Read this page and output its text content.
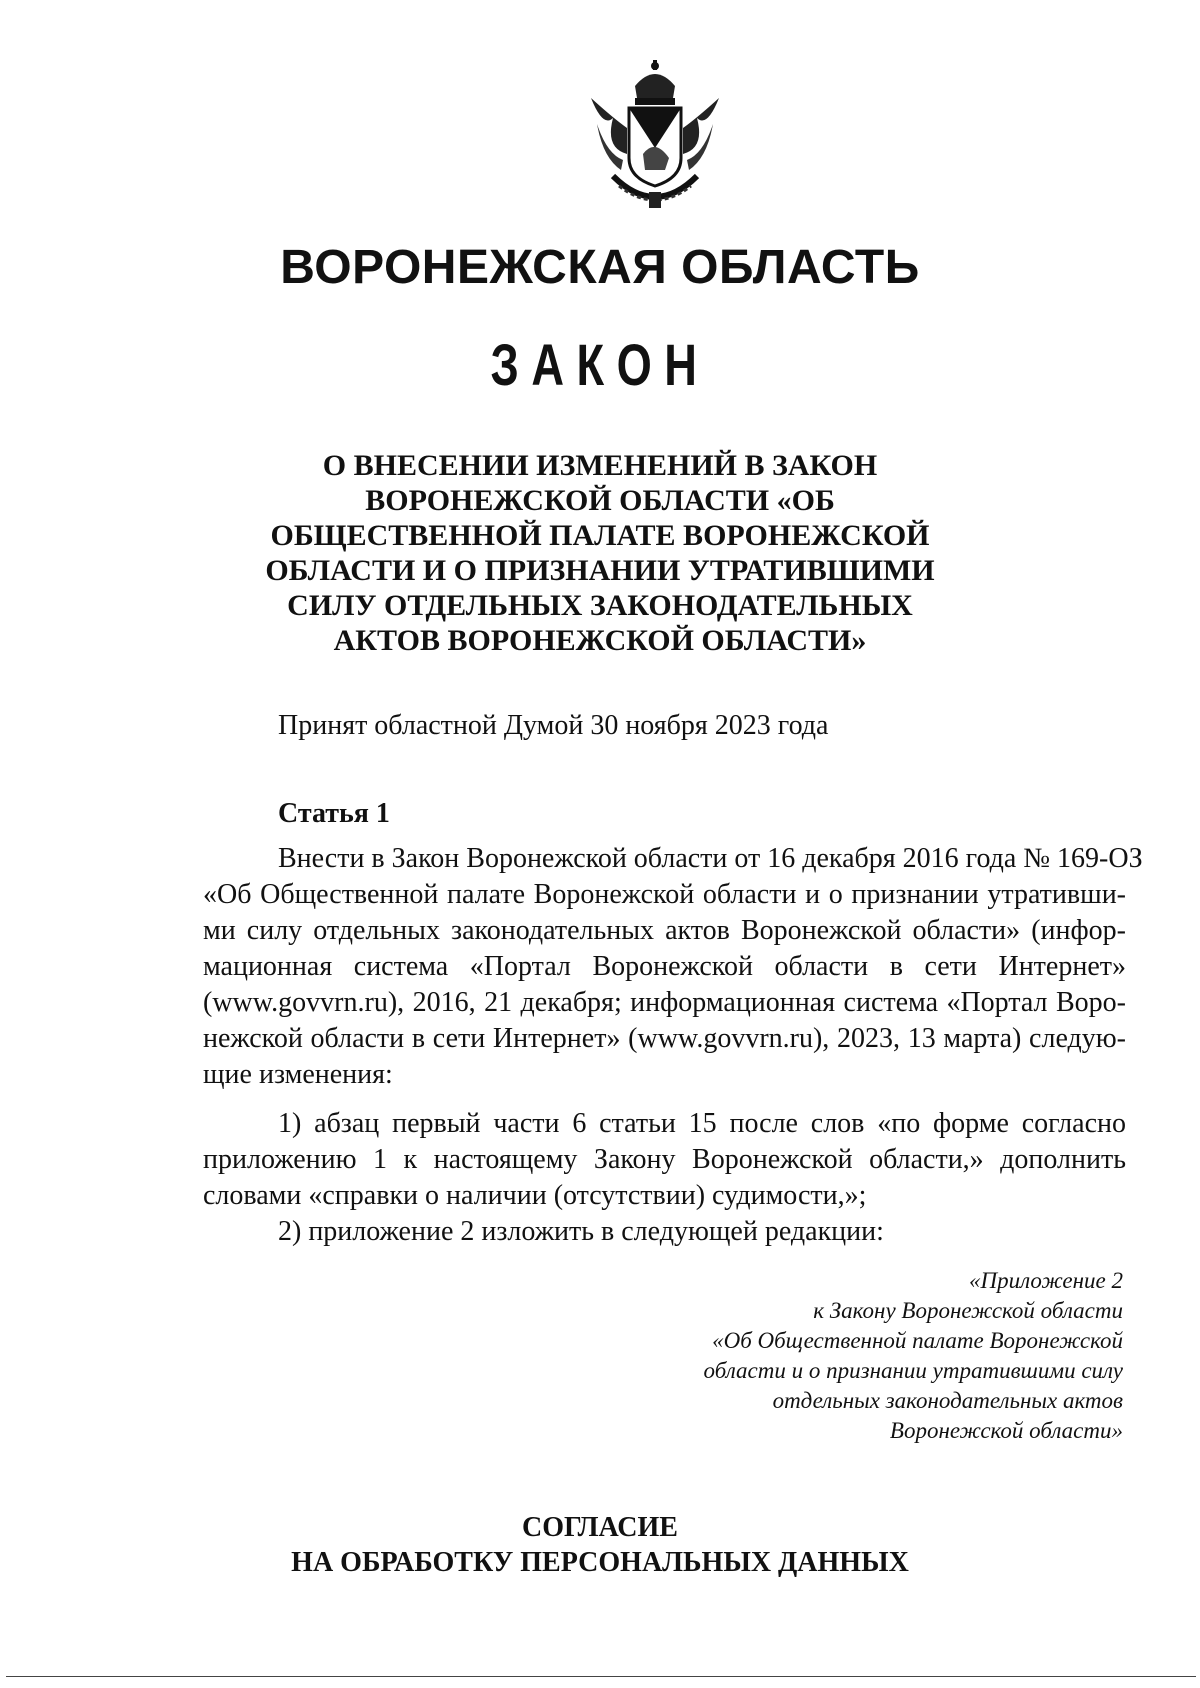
ВОРОНЕЖСКАЯ ОБЛАСТЬ
ЗАКОН
О ВНЕСЕНИИ ИЗМЕНЕНИЙ В ЗАКОН
ВОРОНЕЖСКОЙ ОБЛАСТИ «ОБ
ОБЩЕСТВЕННОЙ ПАЛАТЕ ВОРОНЕЖСКОЙ
ОБЛАСТИ И О ПРИЗНАНИИ УТРАТИВШИМИ
СИЛУ ОТДЕЛЬНЫХ ЗАКОНОДАТЕЛЬНЫХ
АКТОВ ВОРОНЕЖСКОЙ ОБЛАСТИ»
Принят областной Думой 30 ноября 2023 года
Статья 1
Внести в Закон Воронежской области от 16 декабря 2016 года № 169-ОЗ
«Об Общественной палате Воронежской области и о признании утративши-
ми силу отдельных законодательных актов Воронежской области» (инфор-
мационная система «Портал Воронежской области в сети Интернет»
(www.govvrn.ru), 2016, 21 декабря; информационная система «Портал Воро-
нежской области в сети Интернет» (www.govvrn.ru), 2023, 13 марта) следую-
щие изменения:
1) абзац первый части 6 статьи 15 после слов «по форме согласно
приложению 1 к настоящему Закону Воронежской области,» дополнить
словами «справки о наличии (отсутствии) судимости,»;
2) приложение 2 изложить в следующей редакции:
«Приложение 2
к Закону Воронежской области
«Об Общественной палате Воронежской
области и о признании утратившими силу
отдельных законодательных актов
Воронежской области»
СОГЛАСИЕ
НА ОБРАБОТКУ ПЕРСОНАЛЬНЫХ ДАННЫХ
